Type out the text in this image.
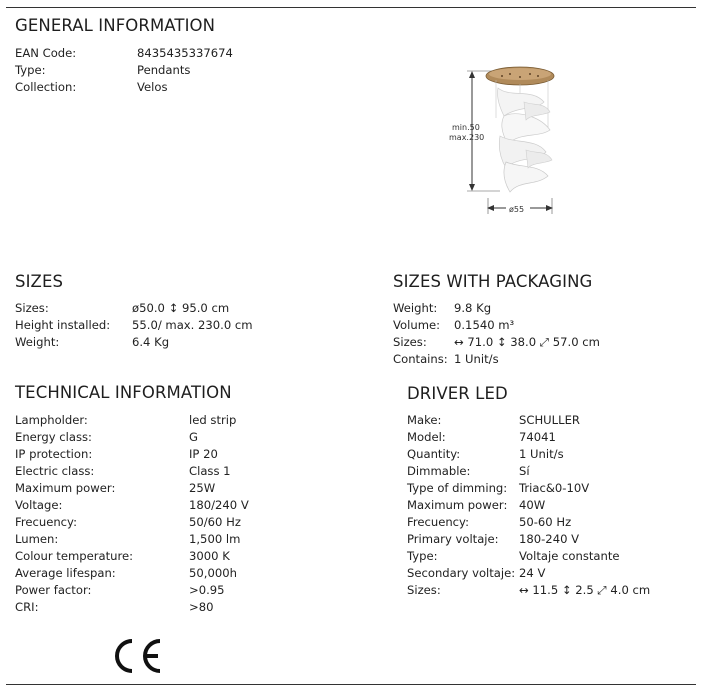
GENERAL INFORMATION
EAN Code:	8435435337674
Type:	Pendants
Collection:	Velos
min.50
max.230
ø55
SIZES
Sizes:	ø50.0 ↕ 95.0 cm
Height installed: 55.0/ max. 230.0 cm
Weight:	6.4 Kg
SIZES WITH PACKAGING
Weight: 9.8 Kg
Volume: 0.1540 m³
Sizes: ↔ 71.0 ↕ 38.0 ⤢ 57.0 cm
Contains: 1 Unit/s
TECHNICAL INFORMATION
Lampholder:	led strip
Energy class:	G
IP protection:	IP 20
Electric class:	Class 1
Maximum power:	25W
Voltage:	180/240 V
Frecuency:	50/60 Hz
Lumen:	1,500 lm
Colour temperature:	3000 K
Average lifespan:	50,000h
Power factor:	>0.95
CRI:	>80
DRIVER LED
Make:	SCHULLER
Model:	74041
Quantity:	1 Unit/s
Dimmable:	Sí
Type of dimming: Triac&0-10V
Maximum power: 40W
Frecuency:	50-60 Hz
Primary voltaje: 180-240 V
Type:	Voltaje constante
Secondary voltaje: 24 V
Sizes:	↔ 11.5 ↕ 2.5 ⤢ 4.0 cm
